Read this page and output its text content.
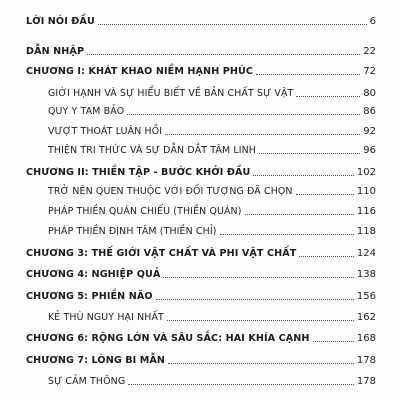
LỜI NÓI ĐẦU	6
DẪN NHẬP	22
CHƯƠNG I: KHÁT KHAO NIỀM HẠNH PHÚC	72
GIỚI HẠNH VÀ SỰ HIỂU BIẾT VỀ BẢN CHẤT SỰ VẬT	80
QUY Y TAM BẢO	86
VƯỢT THOÁT LUÂN HỒI	92
THIỆN TRI THỨC VÀ SỰ DẪN DẮT TÂM LINH	96
CHƯƠNG II: THIỀN TẬP - BƯỚC KHỞI ĐẦU	102
TRỞ NÊN QUEN THUỘC VỚI ĐỐI TƯỢNG ĐÃ CHỌN	110
PHÁP THIỀN QUÁN CHIẾU (THIỀN QUÁN)	116
PHÁP THIỀN ĐỊNH TÂM (THIỀN CHỈ)	118
CHƯƠNG 3: THẾ GIỚI VẬT CHẤT VÀ PHI VẬT CHẤT	124
CHƯƠNG 4: NGHIỆP QUẢ	138
CHƯƠNG 5: PHIỀN NÃO	156
KẺ THÙ NGUY HẠI NHẤT	162
CHƯƠNG 6: RỘNG LỚN VÀ SÂU SẮC: HAI KHÍA CẠNH	168
CHƯƠNG 7: LÒNG BI MẪN	178
SỰ CẢM THÔNG	178
